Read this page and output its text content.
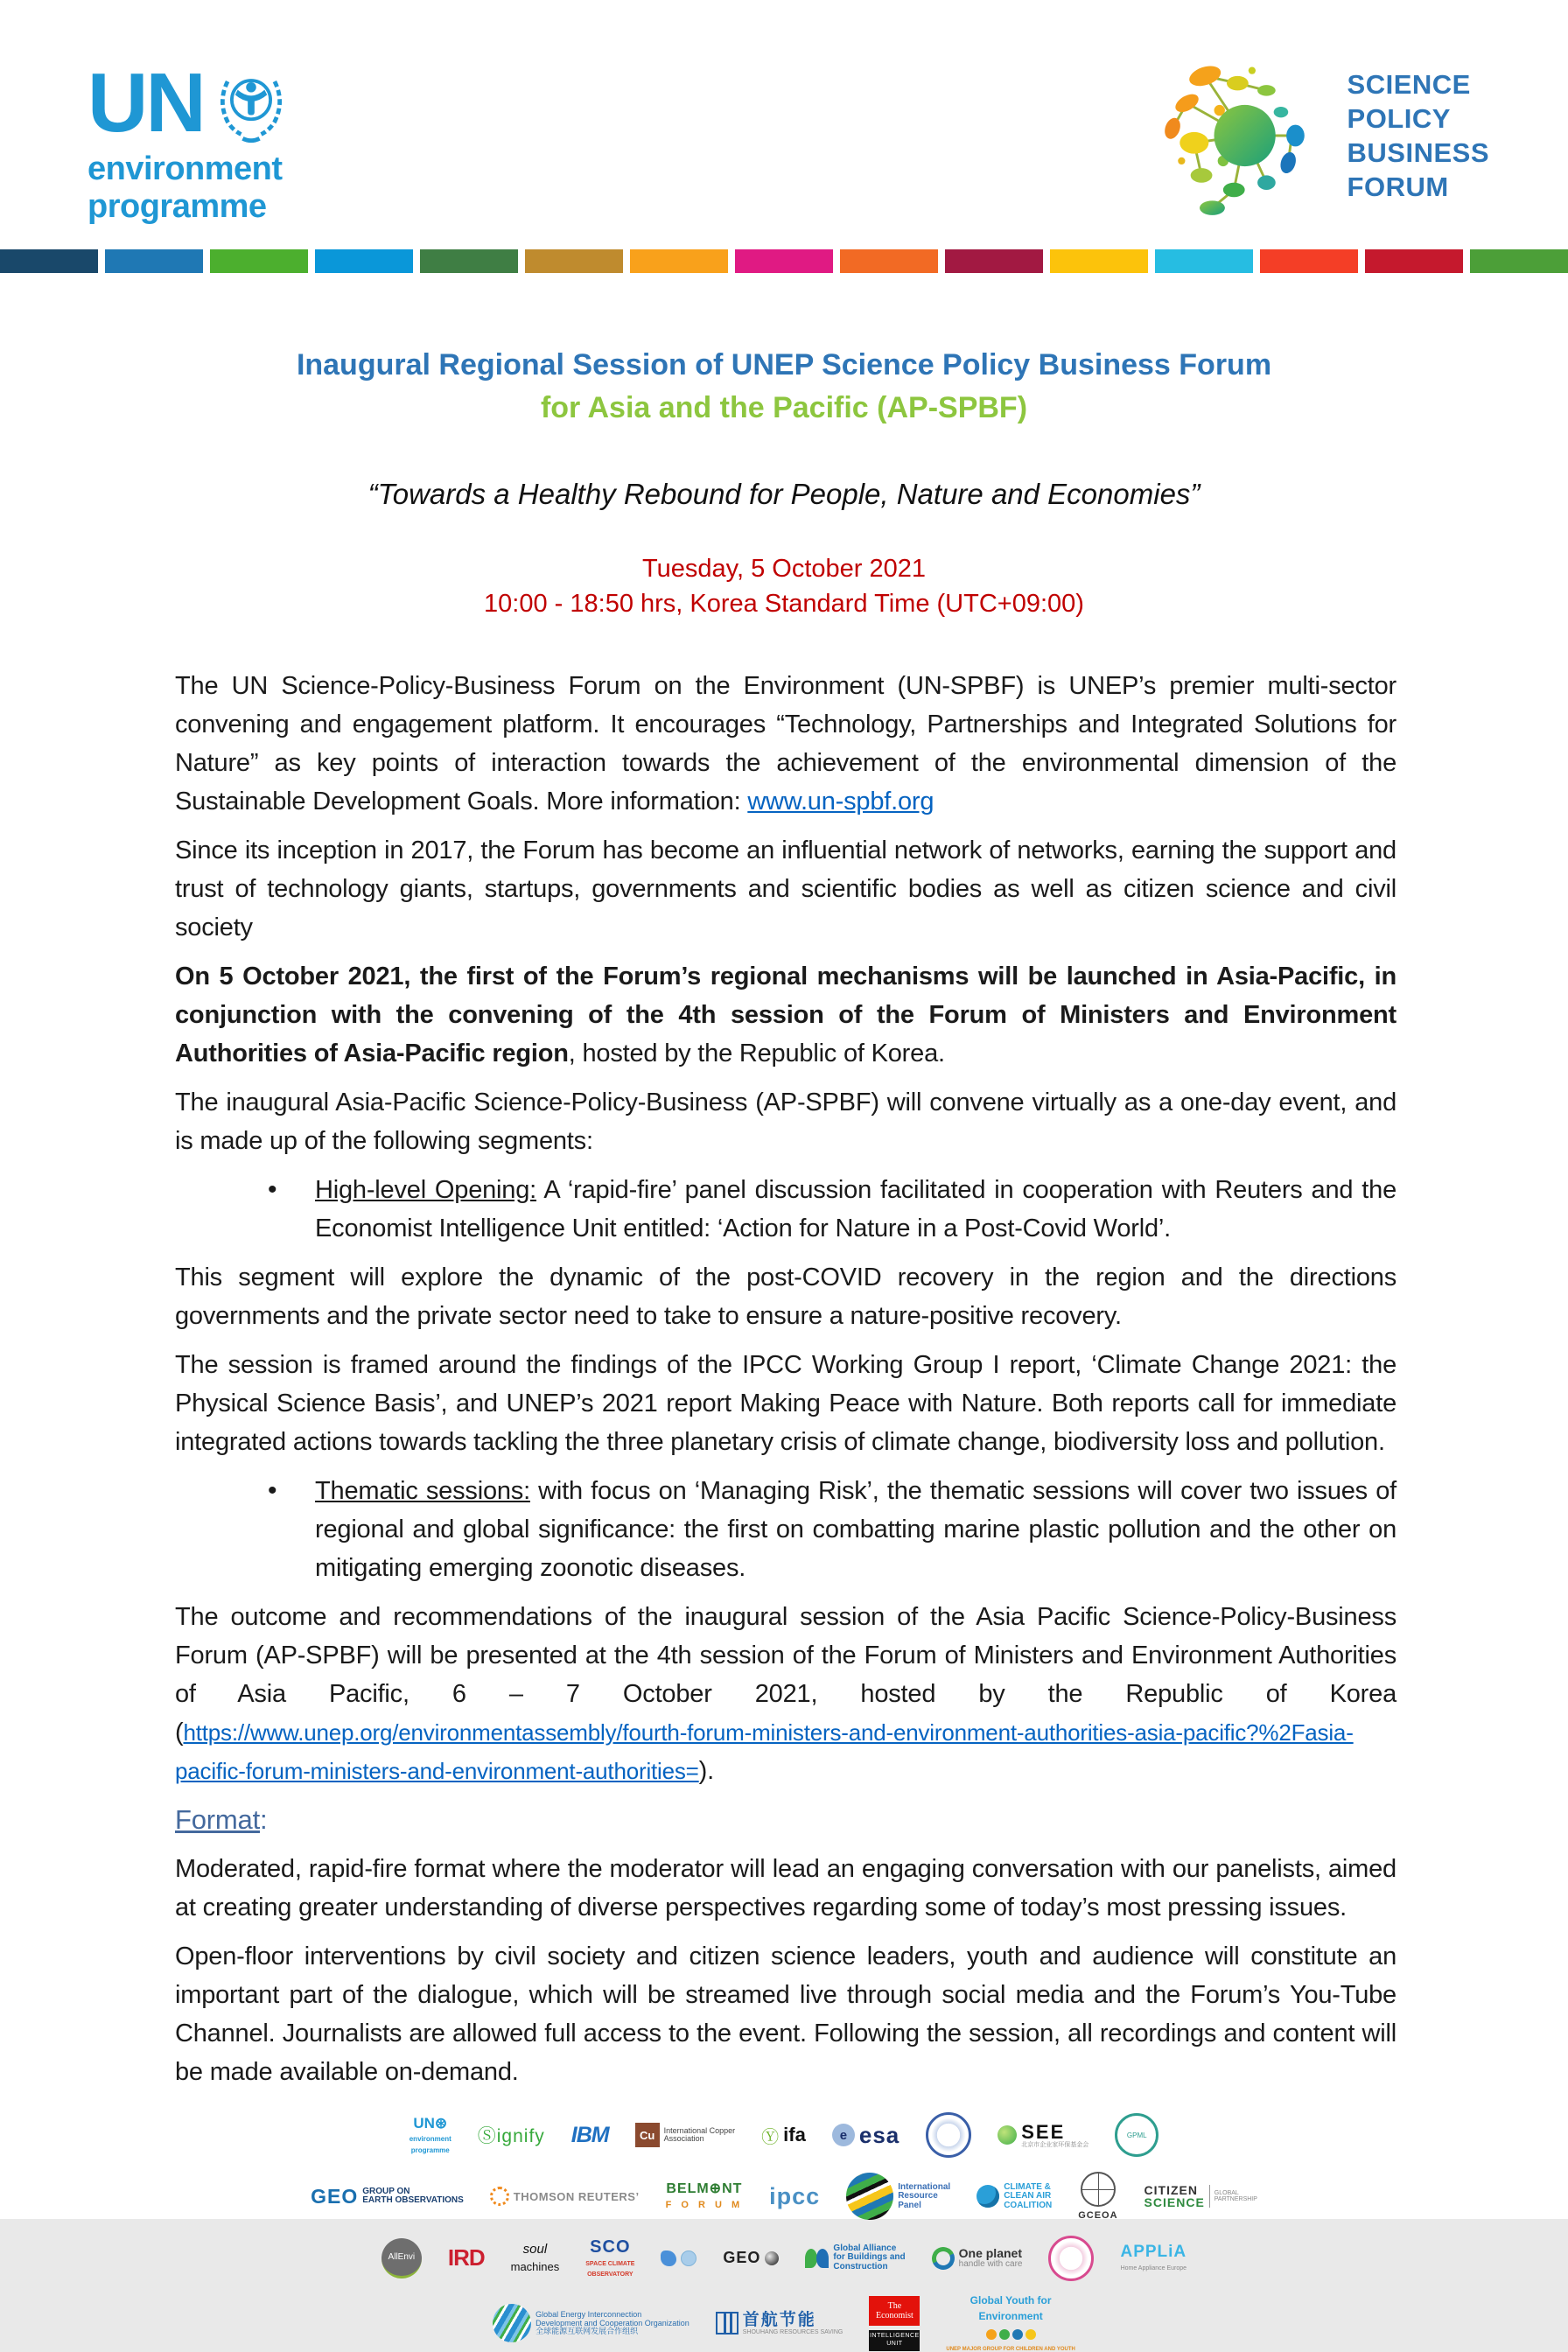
UN
environment
programme
SCIENCE
POLICY
BUSINESS
FORUM
Inaugural Regional Session of UNEP Science Policy Business Forum
for Asia and the Pacific (AP-SPBF)
“Towards a Healthy Rebound for People, Nature and Economies”
Tuesday, 5 October 2021
10:00 - 18:50 hrs, Korea Standard Time (UTC+09:00)

The UN Science-Policy-Business Forum on the Environment (UN-SPBF) is UNEP’s premier multi-sector convening and engagement platform. It encourages “Technology, Partnerships and Integrated Solutions for Nature” as key points of interaction towards the achievement of the environmental dimension of the Sustainable Development Goals. More information: www.un-spbf.org

Since its inception in 2017, the Forum has become an influential network of networks, earning the support and trust of technology giants, startups, governments and scientific bodies as well as citizen science and civil society

On 5 October 2021, the first of the Forum’s regional mechanisms will be launched in Asia-Pacific, in conjunction with the convening of the 4th session of the Forum of Ministers and Environment Authorities of Asia-Pacific region, hosted by the Republic of Korea.

The inaugural Asia-Pacific Science-Policy-Business (AP-SPBF) will convene virtually as a one-day event, and is made up of the following segments:

• High-level Opening: A ‘rapid-fire’ panel discussion facilitated in cooperation with Reuters and the Economist Intelligence Unit entitled: ‘Action for Nature in a Post-Covid World’.

This segment will explore the dynamic of the post-COVID recovery in the region and the directions governments and the private sector need to take to ensure a nature-positive recovery.

The session is framed around the findings of the IPCC Working Group I report, ‘Climate Change 2021: the Physical Science Basis’, and UNEP’s 2021 report Making Peace with Nature. Both reports call for immediate integrated actions towards tackling the three planetary crisis of climate change, biodiversity loss and pollution.

• Thematic sessions: with focus on ‘Managing Risk’, the thematic sessions will cover two issues of regional and global significance: the first on combatting marine plastic pollution and the other on mitigating emerging zoonotic diseases.

The outcome and recommendations of the inaugural session of the Asia Pacific Science-Policy-Business Forum (AP-SPBF) will be presented at the 4th session of the Forum of Ministers and Environment Authorities of Asia Pacific, 6 – 7 October 2021, hosted by the Republic of Korea (https://www.unep.org/environmentassembly/fourth-forum-ministers-and-environment-authorities-asia-pacific?%2Fasia-pacific-forum-ministers-and-environment-authorities=).

Format:

Moderated, rapid-fire format where the moderator will lead an engaging conversation with our panelists, aimed at creating greater understanding of diverse perspectives regarding some of today’s most pressing issues.

Open-floor interventions by civil society and citizen science leaders, youth and audience will constitute an important part of the dialogue, which will be streamed live through social media and the Forum’s You-Tube Channel. Journalists are allowed full access to the event. Following the session, all recordings and content will be made available on-demand.

UN⊛
environment
programme
Ⓢignify IBM	Cu	International Copper
Association	Ⓨ ifa	e esa	SEE
北京市企业家环保基金会
GPML
GEO GROUP ON
EARTH OBSERVATIONS	THOMSON REUTERS’
BELM⊕NT
F O R U M ipcc	International
Resource
Panel
CLIMATE &
CLEAN AIR
COALITION
GCEOA
CITIZEN
SCIENCE
GLOBAL
PARTNERSHIP
AllEnvi IRD	soul
machines
SCO
SPACE CLIMATE
OBSERVATORY
GEO
Global Alliance
for Buildings and
Construction
One planet
handle with care
APPLiA
Home Appliance Europe
Global Energy Interconnection
Development and Cooperation Organization
全球能源互联网发展合作组织
首航节能
SHOUHANG RESOURCES SAVING
The
Economist
INTELLIGENCE
UNIT
Global Youth for
Environment
UNEP MAJOR GROUP FOR CHILDREN AND YOUTH
